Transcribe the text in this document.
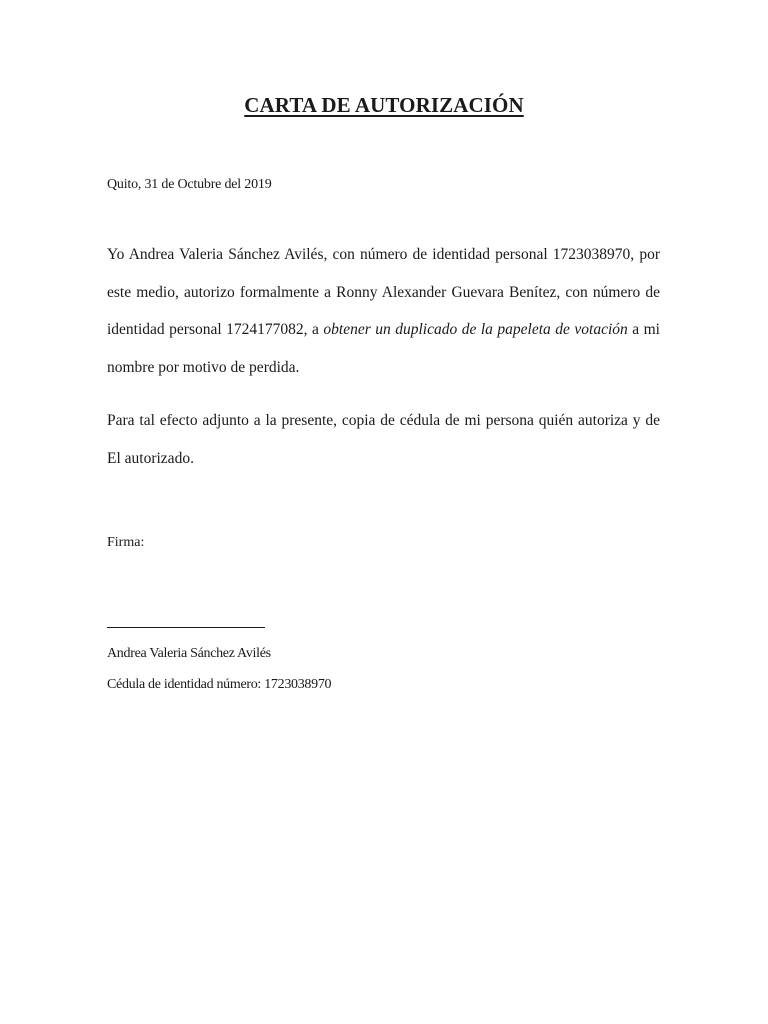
CARTA DE AUTORIZACIÓN
Quito, 31 de Octubre del 2019
Yo Andrea Valeria Sánchez Avilés, con número de identidad personal 1723038970, por este medio, autorizo formalmente a Ronny Alexander Guevara Benítez, con número de identidad personal 1724177082, a obtener un duplicado de la papeleta de votación a mi nombre por motivo de perdida.
Para tal efecto adjunto a la presente, copia de cédula de mi persona quién autoriza y de El autorizado.
Firma:
Andrea Valeria Sánchez Avilés
Cédula de identidad número: 1723038970
